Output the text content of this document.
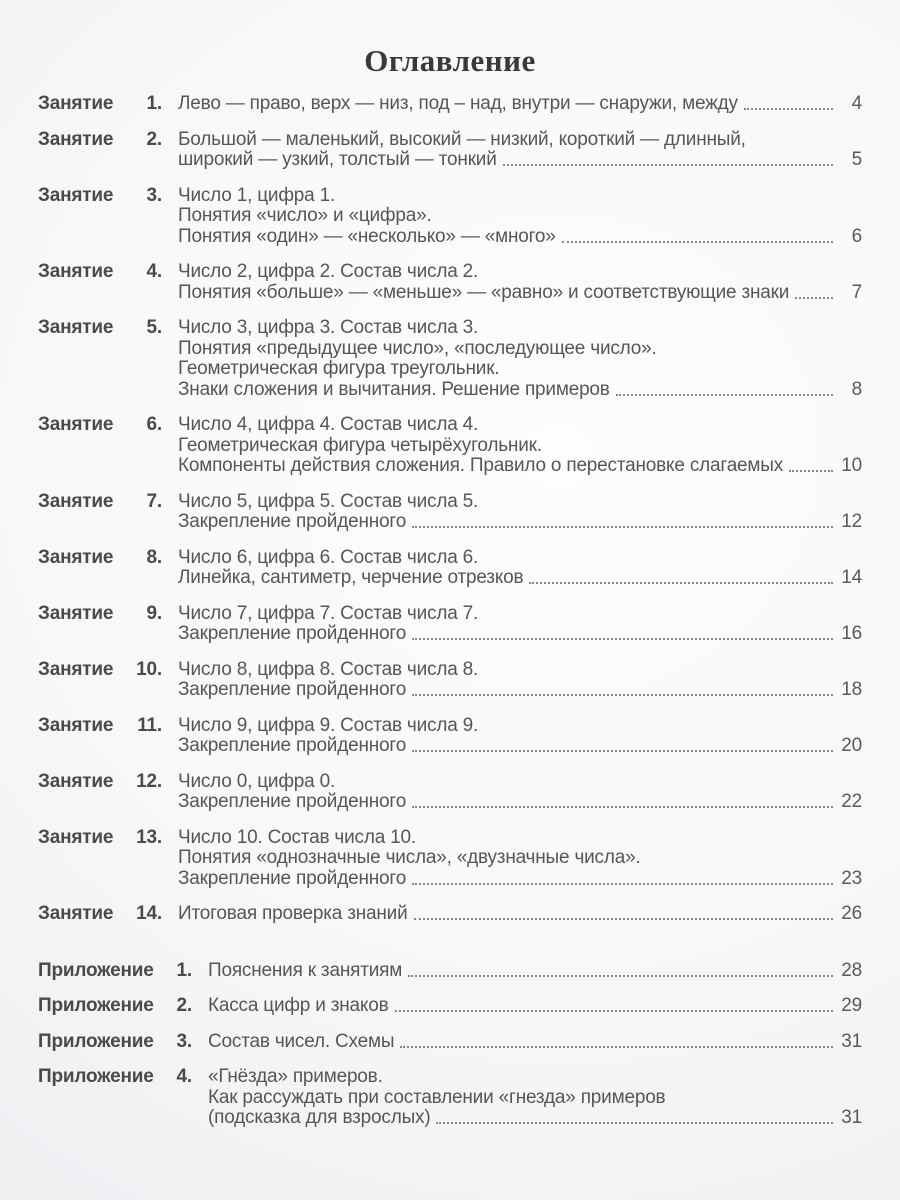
Оглавление
Занятие	1. Лево — право, верх — низ, под – над, внутри — снаружи, между	4
Занятие	2. Большой — маленький, высокий — низкий, короткий — длинный,
широкий — узкий, толстый — тонкий	5
Занятие	3. Число 1, цифра 1.
Понятия «число» и «цифра».
Понятия «один» — «несколько» — «много»	6
Занятие	4. Число 2, цифра 2. Состав числа 2.
Понятия «больше» — «меньше» — «равно» и соответствующие знаки	7
Занятие	5. Число 3, цифра 3. Состав числа 3.
Понятия «предыдущее число», «последующее число».
Геометрическая фигура треугольник.
Знаки сложения и вычитания. Решение примеров	8
Занятие	6. Число 4, цифра 4. Состав числа 4.
Геометрическая фигура четырёхугольник.
Компоненты действия сложения. Правило о перестановке слагаемых	10
Занятие	7. Число 5, цифра 5. Состав числа 5.
Закрепление пройденного	12
Занятие	8. Число 6, цифра 6. Состав числа 6.
Линейка, сантиметр, черчение отрезков	14
Занятие	9. Число 7, цифра 7. Состав числа 7.
Закрепление пройденного	16
Занятие	10. Число 8, цифра 8. Состав числа 8.
Закрепление пройденного	18
Занятие	11. Число 9, цифра 9. Состав числа 9.
Закрепление пройденного	20
Занятие	12. Число 0, цифра 0.
Закрепление пройденного	22
Занятие	13. Число 10. Состав числа 10.
Понятия «однозначные числа», «двузначные числа».
Закрепление пройденного	23
Занятие	14. Итоговая проверка знаний	26
Приложение	1. Пояснения к занятиям	28
Приложение	2. Касса цифр и знаков	29
Приложение	3. Состав чисел. Схемы	31
Приложение	4. «Гнёзда» примеров.
Как рассуждать при составлении «гнезда» примеров
(подсказка для взрослых)	31
